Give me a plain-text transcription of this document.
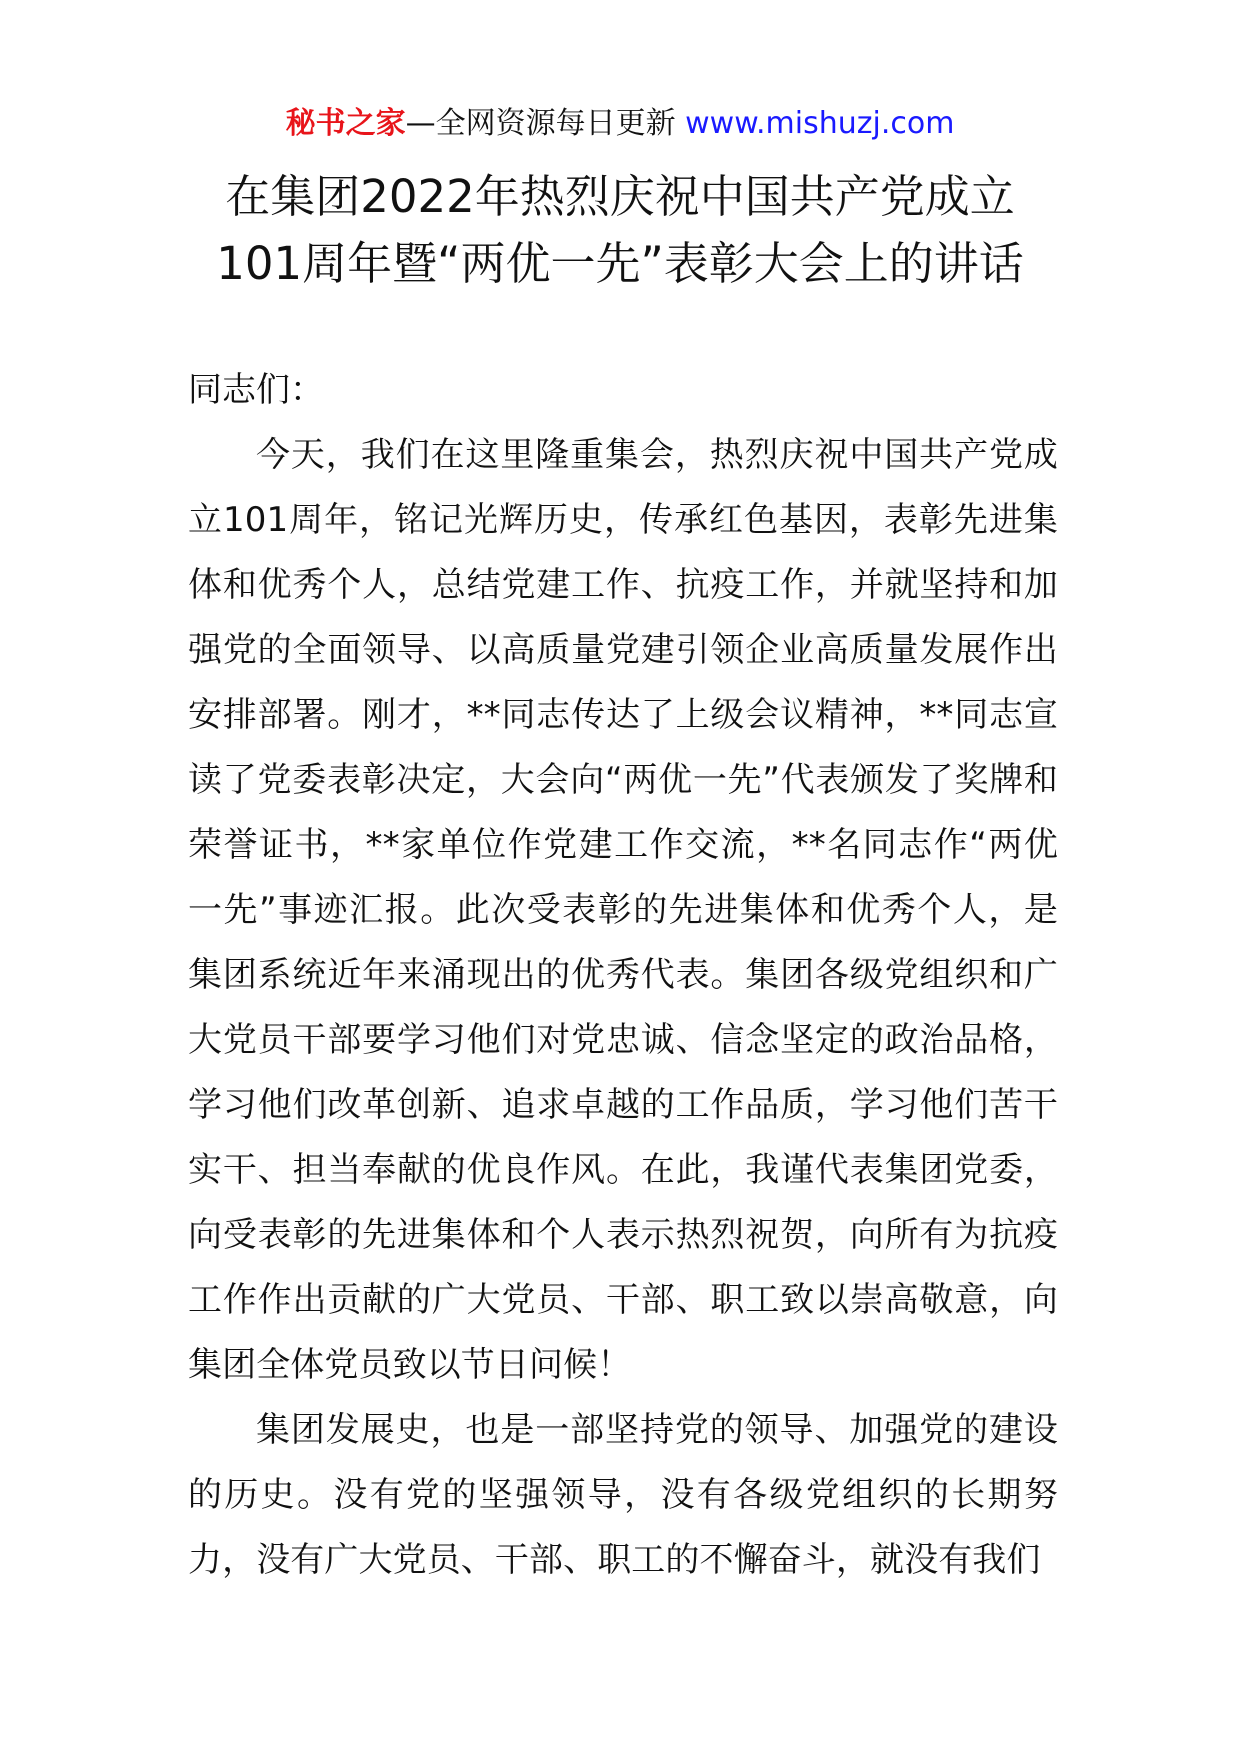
秘书之家—全网资源每日更新 www.mishuzj.com
在集团2022年热烈庆祝中国共产党成立
101周年暨“两优一先”表彰大会上的讲话

同志们：

今天，我们在这里隆重集会，热烈庆祝中国共产党成立101周年，铭记光辉历史，传承红色基因，表彰先进集体和优秀个人，总结党建工作、抗疫工作，并就坚持和加强党的全面领导、以高质量党建引领企业高质量发展作出安排部署。刚才，**同志传达了上级会议精神，**同志宣读了党委表彰决定，大会向“两优一先”代表颁发了奖牌和荣誉证书，**家单位作党建工作交流，**名同志作“两优一先”事迹汇报。此次受表彰的先进集体和优秀个人，是集团系统近年来涌现出的优秀代表。集团各级党组织和广大党员干部要学习他们对党忠诚、信念坚定的政治品格，学习他们改革创新、追求卓越的工作品质，学习他们苦干实干、担当奉献的优良作风。在此，我谨代表集团党委，向受表彰的先进集体和个人表示热烈祝贺，向所有为抗疫工作作出贡献的广大党员、干部、职工致以崇高敬意，向集团全体党员致以节日问候！

集团发展史，也是一部坚持党的领导、加强党的建设的历史。没有党的坚强领导，没有各级党组织的长期努力，没有广大党员、干部、职工的不懈奋斗，就没有我们
